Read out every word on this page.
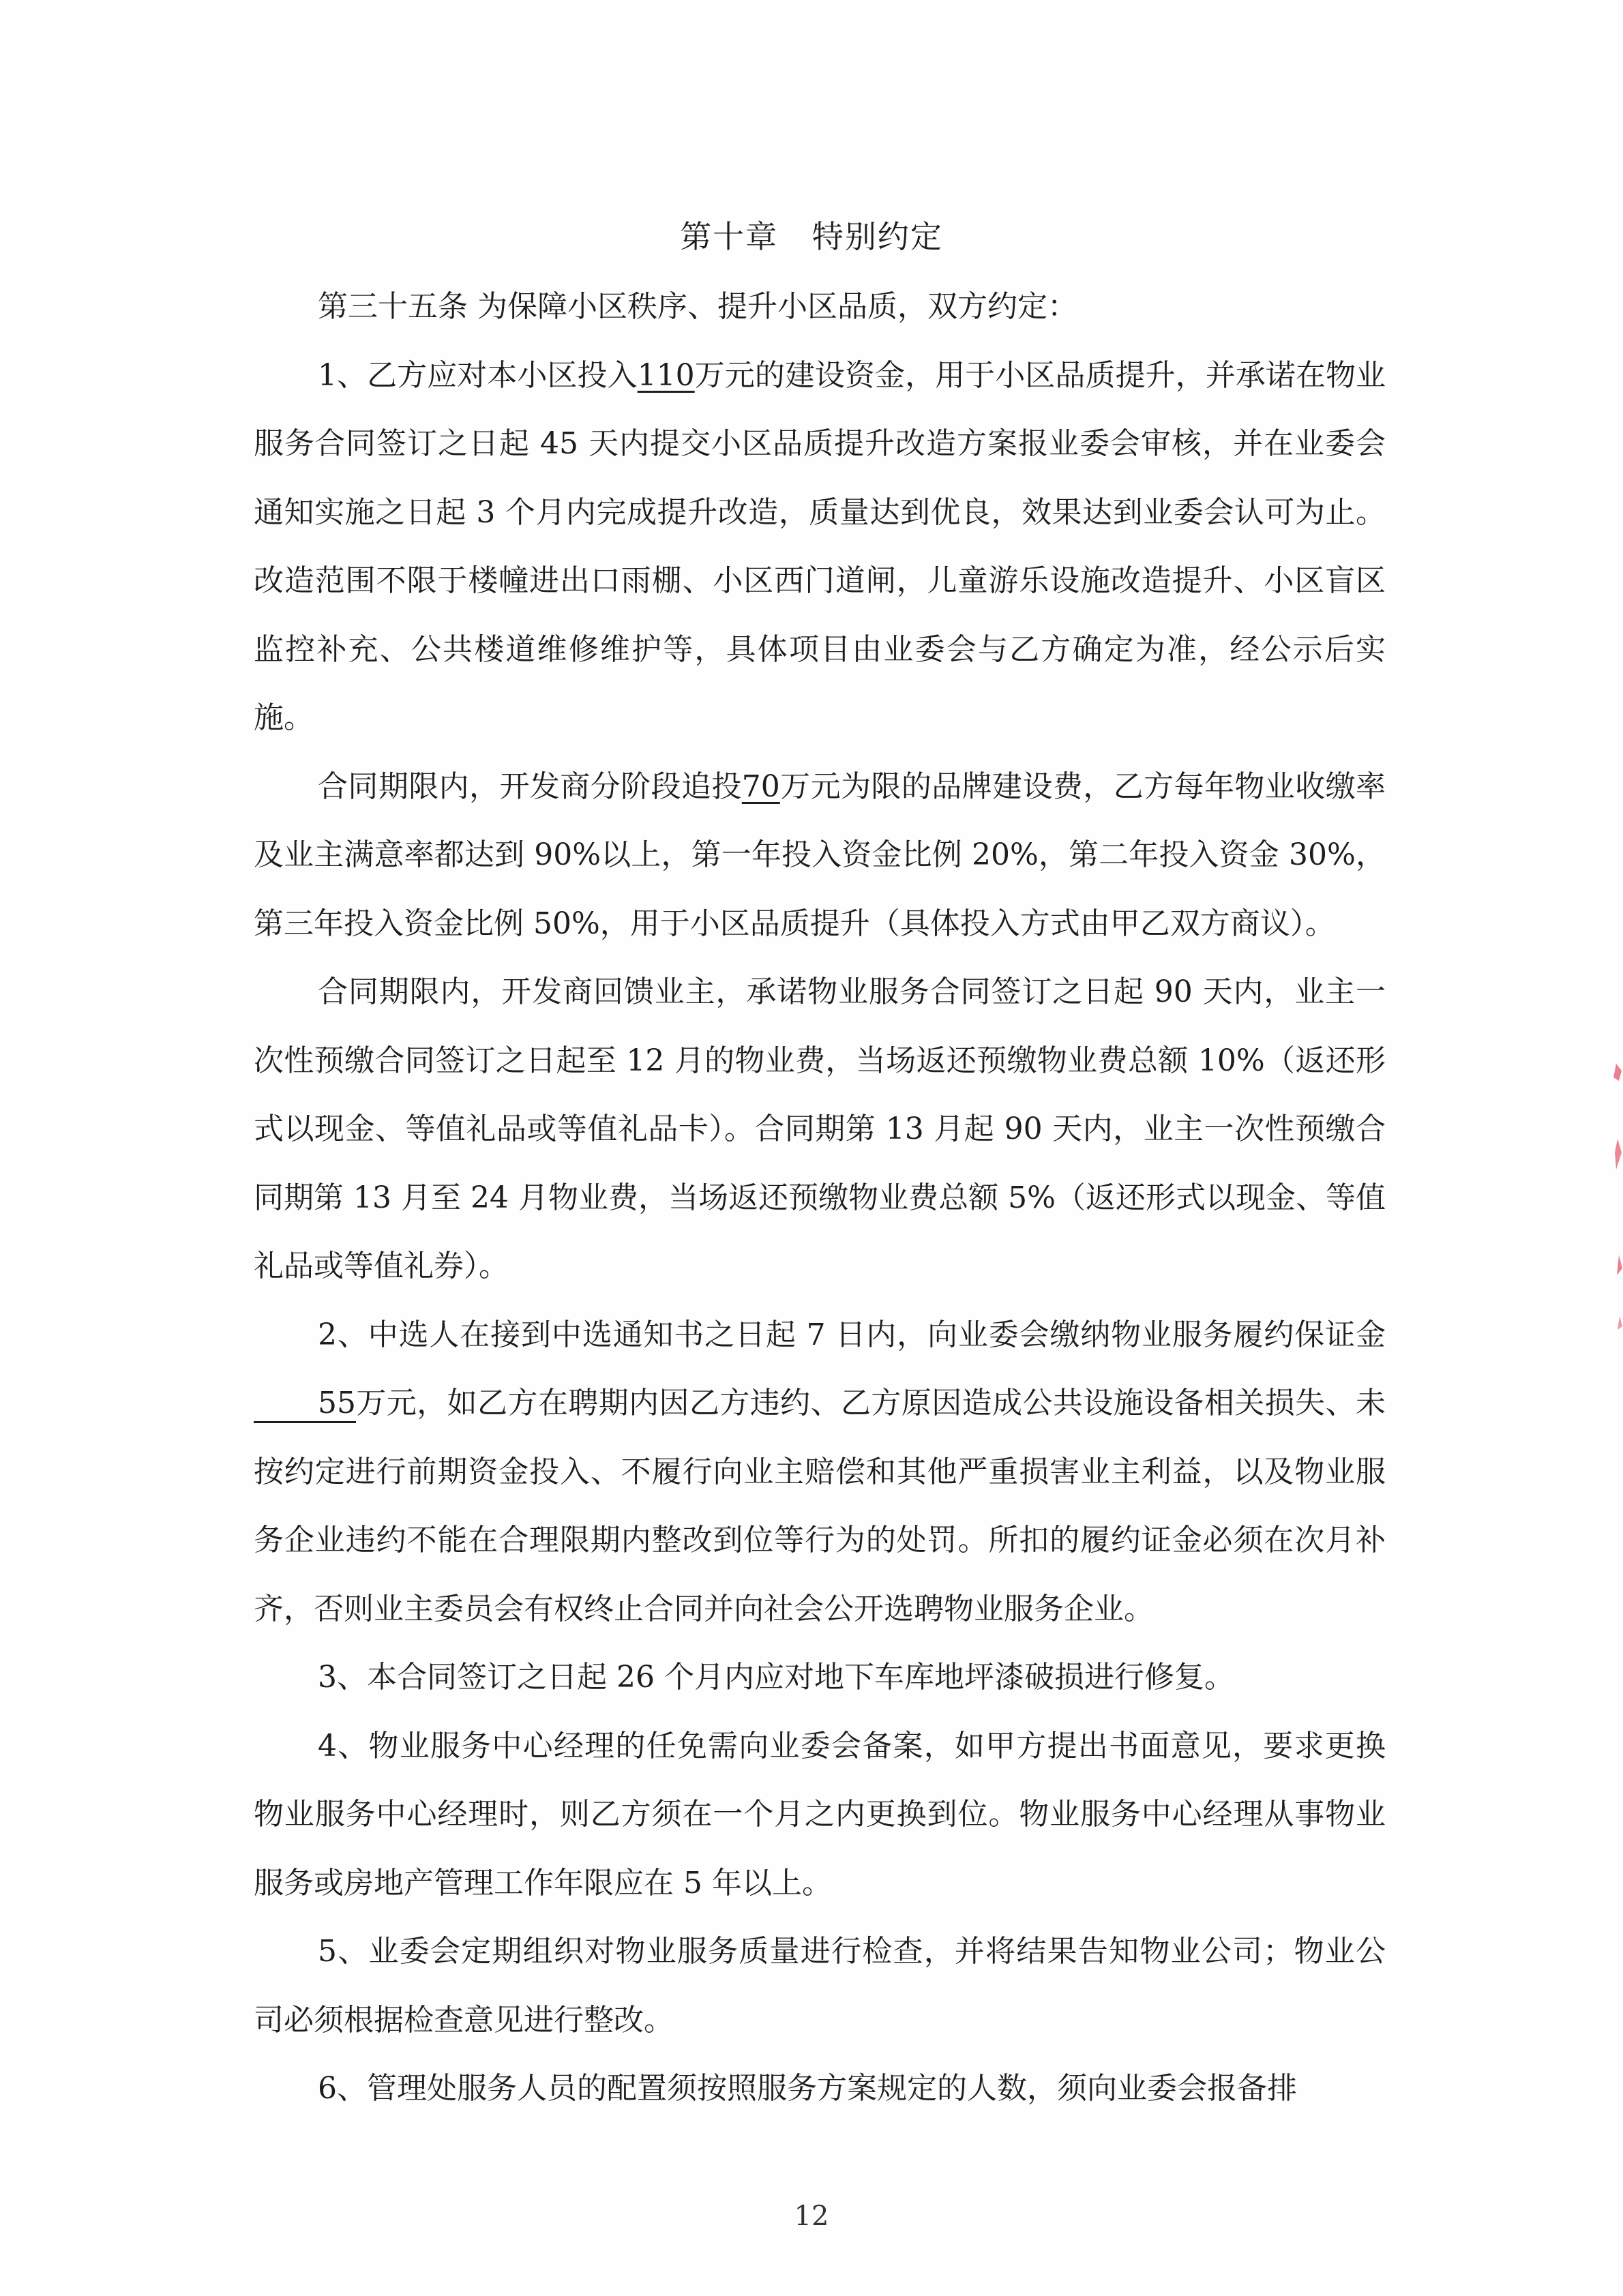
第十章   特别约定

第三十五条 为保障小区秩序、提升小区品质，双方约定：

1、乙方应对本小区投入110万元的建设资金，用于小区品质提升，并承诺在物业服务合同签订之日起 45 天内提交小区品质提升改造方案报业委会审核，并在业委会通知实施之日起 3 个月内完成提升改造，质量达到优良，效果达到业委会认可为止。改造范围不限于楼幢进出口雨棚、小区西门道闸，儿童游乐设施改造提升、小区盲区监控补充、公共楼道维修维护等，具体项目由业委会与乙方确定为准，经公示后实施。

合同期限内，开发商分阶段追投70万元为限的品牌建设费，乙方每年物业收缴率及业主满意率都达到 90%以上，第一年投入资金比例 20%，第二年投入资金 30%，第三年投入资金比例 50%，用于小区品质提升（具体投入方式由甲乙双方商议）。

合同期限内，开发商回馈业主，承诺物业服务合同签订之日起 90 天内，业主一次性预缴合同签订之日起至 12 月的物业费，当场返还预缴物业费总额 10%（返还形式以现金、等值礼品或等值礼品卡）。合同期第 13 月起 90 天内，业主一次性预缴合同期第 13 月至 24 月物业费，当场返还预缴物业费总额 5%（返还形式以现金、等值礼品或等值礼券）。

2、中选人在接到中选通知书之日起 7 日内，向业委会缴纳物业服务履约保证金55万元，如乙方在聘期内因乙方违约、乙方原因造成公共设施设备相关损失、未按约定进行前期资金投入、不履行向业主赔偿和其他严重损害业主利益，以及物业服务企业违约不能在合理限期内整改到位等行为的处罚。所扣的履约证金必须在次月补齐，否则业主委员会有权终止合同并向社会公开选聘物业服务企业。

3、本合同签订之日起 26 个月内应对地下车库地坪漆破损进行修复。

4、物业服务中心经理的任免需向业委会备案，如甲方提出书面意见，要求更换物业服务中心经理时，则乙方须在一个月之内更换到位。物业服务中心经理从事物业服务或房地产管理工作年限应在 5 年以上。

5、业委会定期组织对物业服务质量进行检查，并将结果告知物业公司；物业公司必须根据检查意见进行整改。

6、管理处服务人员的配置须按照服务方案规定的人数，须向业委会报备排

12
